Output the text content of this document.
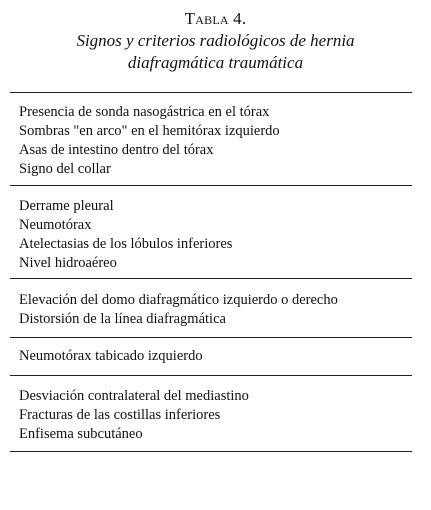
Tabla 4.
Signos y criterios radiológicos de hernia
diafragmática traumática
Presencia de sonda nasogástrica en el tórax
Sombras "en arco" en el hemitórax izquierdo
Asas de intestino dentro del tórax
Signo del collar
Derrame pleural
Neumotórax
Atelectasias de los lóbulos inferiores
Nivel hidroaéreo
Elevación del domo diafragmático izquierdo o derecho
Distorsión de la línea diafragmática
Neumotórax tabicado izquierdo
Desviación contralateral del mediastino
Fracturas de las costillas inferiores
Enfisema subcutáneo
